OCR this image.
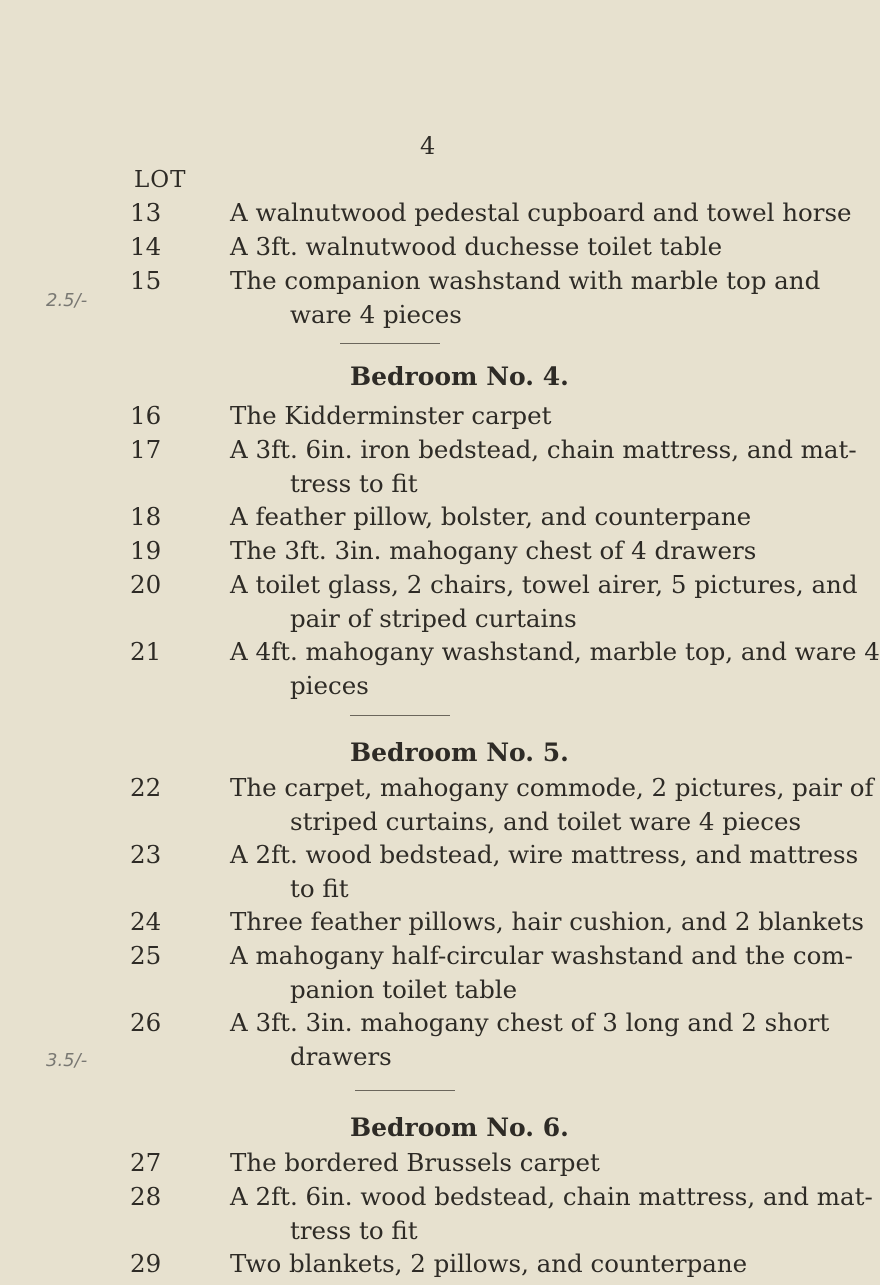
4
LOT
13	A walnutwood pedestal cupboard and towel horse
14	A 3ft. walnutwood duchesse toilet table
15	The companion washstand with marble top and
ware 4 pieces
Bedroom No. 4.
16	The Kidderminster carpet
17	A 3ft. 6in. iron bedstead, chain mattress, and mat-
tress to fit
18	A feather pillow, bolster, and counterpane
19	The 3ft. 3in. mahogany chest of 4 drawers
20	A toilet glass, 2 chairs, towel airer, 5 pictures, and
pair of striped curtains
21	A 4ft. mahogany washstand, marble top, and ware 4
pieces
Bedroom No. 5.
22	The carpet, mahogany commode, 2 pictures, pair of
striped curtains, and toilet ware 4 pieces
23	A 2ft. wood bedstead, wire mattress, and mattress
to fit
24	Three feather pillows, hair cushion, and 2 blankets
25	A mahogany half-circular washstand and the com-
panion toilet table
26	A 3ft. 3in. mahogany chest of 3 long and 2 short
drawers
Bedroom No. 6.
27	The bordered Brussels carpet
28	A 2ft. 6in. wood bedstead, chain mattress, and mat-
tress to fit
29	Two blankets, 2 pillows, and counterpane
2.5/-
3.5/-
